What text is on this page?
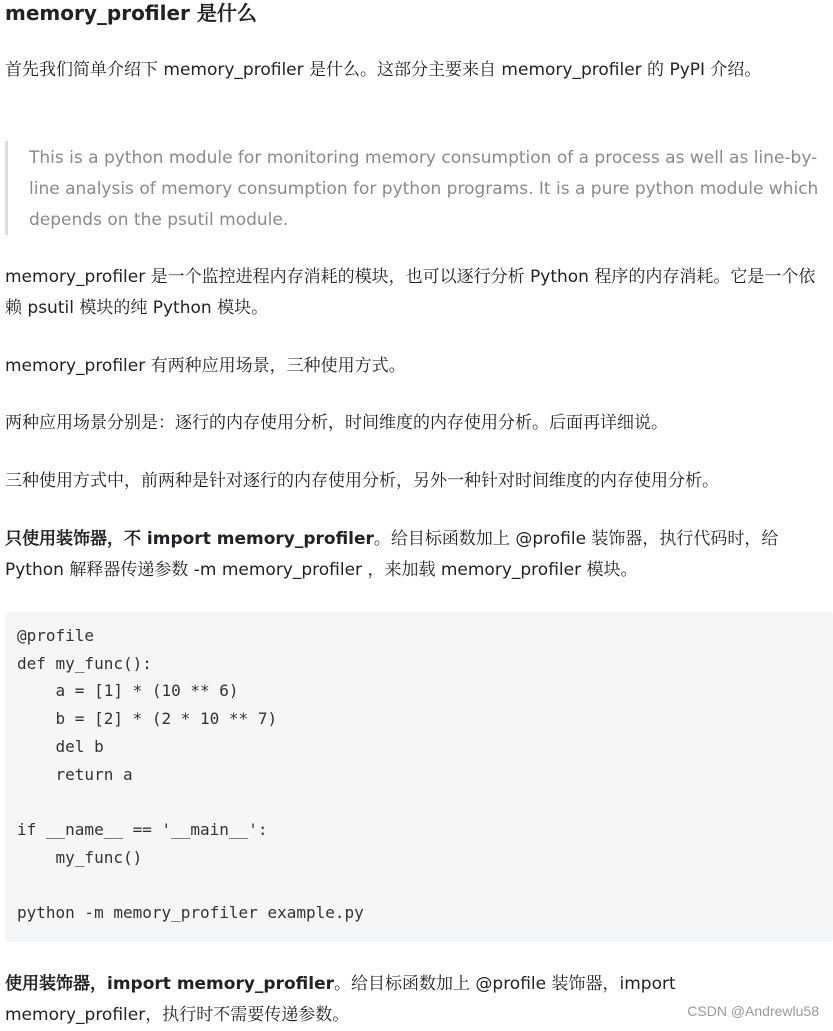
memory_profiler 是什么

首先我们简单介绍下 memory_profiler 是什么。这部分主要来自 memory_profiler 的 PyPI 介绍。

This is a python module for monitoring memory consumption of a process as well as line-by-line analysis of memory consumption for python programs. It is a pure python module which depends on the psutil module.

memory_profiler 是一个监控进程内存消耗的模块，也可以逐行分析 Python 程序的内存消耗。它是一个依赖 psutil 模块的纯 Python 模块。

memory_profiler 有两种应用场景，三种使用方式。

两种应用场景分别是：逐行的内存使用分析，时间维度的内存使用分析。后面再详细说。

三种使用方式中，前两种是针对逐行的内存使用分析，另外一种针对时间维度的内存使用分析。

只使用装饰器，不 import memory_profiler。给目标函数加上 @profile 装饰器，执行代码时，给 Python 解释器传递参数 -m memory_profiler ，来加载 memory_profiler 模块。

@profile
def my_func():
a = [1] * (10 ** 6)
b = [2] * (2 * 10 ** 7)
del b
return a
if __name__ == '__main__':
my_func()
python -m memory_profiler example.py

使用装饰器，import memory_profiler。给目标函数加上 @profile 装饰器，import memory_profiler，执行时不需要传递参数。	CSDN @Andrewlu58
